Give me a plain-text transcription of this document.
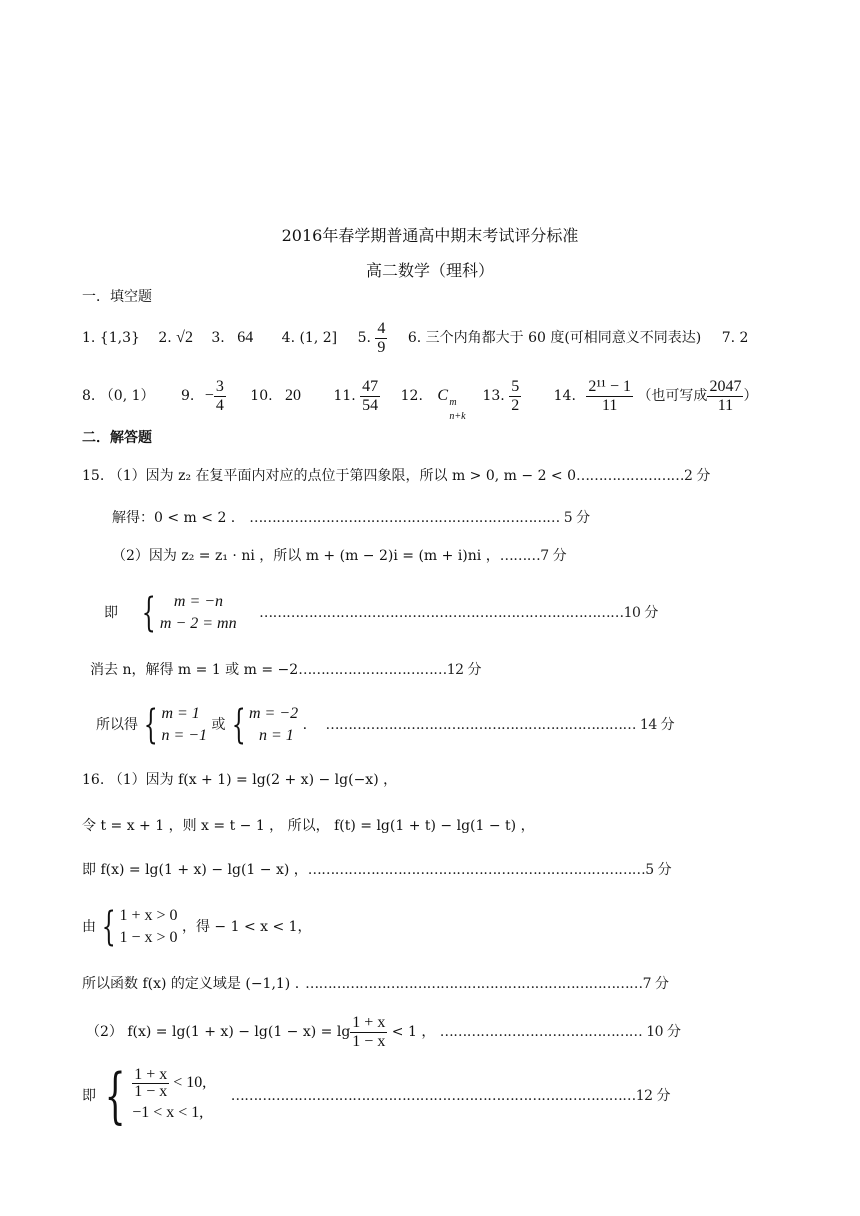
2016年春学期普通高中期末考试评分标准
高二数学（理科）
一．填空题
1. {1,3} 2. √2 3. 64 4. (1, 2] 5. $\frac{4}{9} 6$. 三个内角都大于 60 度(可相同意义不同表达) 7. 2
8. （0, 1） 9. − $\frac{3}{4} 10$. 20 11. $\frac{47}{54} 12$. C m
n+k
13. $\frac{5}{2} 14$. $\frac{\text{2¹¹ − 1}}{11}$ （也可写成 $\frac{2047}{11}$ ）
二．解答题
15. （1）因为 z₂ 在复平面内对应的点位于第四象限，所以 m > 0, m − 2 < 0……………………2 分
解得：0 < m < 2 . …………………………………………………………… 5 分
（2）因为 z₂ = z₁ · ni ，所以 m + (m − 2)i = (m + i)ni ，………7 分
即 {	m = −n
m − 2 = mn
………………………………………………………………………10 分
消去 n，解得 m = 1 或 m = −2……………………………12 分
所以得 { m = 1
n = −1
或 { m = −2
n = 1
. …………………………………………………………… 14 分
16. （1）因为 f(x + 1) = lg(2 + x) − lg(−x) ，
令 t = x + 1 ，则 x = t − 1 ， 所以， f(t) = lg(1 + t) − lg(1 − t) ，
即 f(x) = lg(1 + x) − lg(1 − x) ，…………………………………………………………………5 分
由 { 1 + x > 0
1 − x > 0
，得 − 1 < x < 1，
所以函数 f(x) 的定义域是 (−1,1) . …………………………………………………………………7 分
（2） $f(x) = \lg(1 + x) - \lg(1 - x) = \lg \frac{1 + x}{1 - x} < 1$ ， ……………………………………… 10 分
即 { $\frac{1 + x}{1 - x} < 10$,
−1 < x < 1,
………………………………………………………………………………12 分
